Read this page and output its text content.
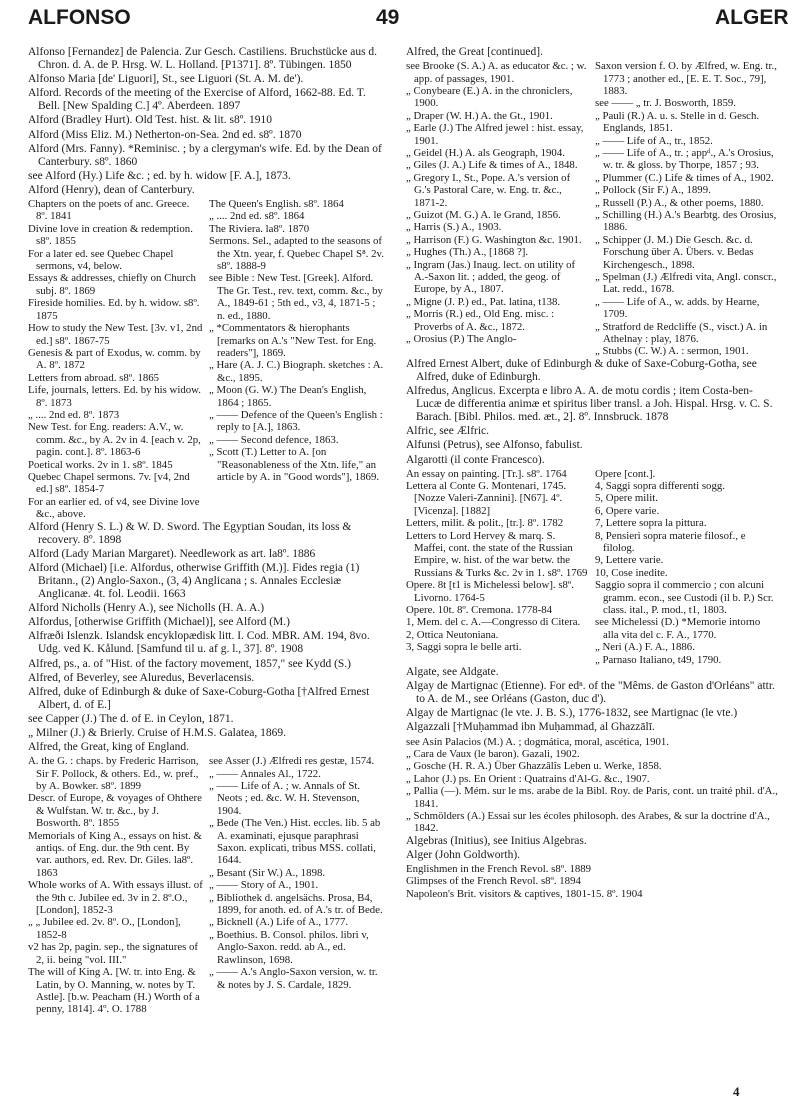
ALFONSO	49	ALGER

Alfonso [Fernandez] de Palencia. Zur Gesch. Castiliens. Bruchstücke aus d. Chron. d. A. de P. Hrsg. W. L. Holland. [P1371]. 8º. Tübingen. 1850

Alfonso Maria [de' Liguori], St., see Liguori (St. A. M. de').

Alford. Records of the meeting of the Exercise of Alford, 1662-88. Ed. T. Bell. [New Spalding C.] 4º. Aberdeen. 1897

Alford (Bradley Hurt). Old Test. hist. & lit. s8º. 1910

Alford (Miss Eliz. M.) Netherton-on-Sea. 2nd ed. s8º. 1870

Alford (Mrs. Fanny). *Reminisc. ; by a clergyman's wife. Ed. by the Dean of Canterbury. s8º. 1860

see Alford (Hy.) Life &c. ; ed. by h. widow [F. A.], 1873.

Alford (Henry), dean of Canterbury.

Chapters on the poets of anc. Greece. 8º. 1841

Divine love in creation & redemption. s8º. 1855

For a later ed. see Quebec Chapel sermons, v4, below.

Essays & addresses, chiefly on Church subj. 8º. 1869

Fireside homilies. Ed. by h. widow. s8º. 1875

How to study the New Test. [3v. v1, 2nd ed.] s8º. 1867-75

Genesis & part of Exodus, w. comm. by A. 8º. 1872

Letters from abroad. s8º. 1865

Life, journals, letters. Ed. by his widow. 8º. 1873

„ .... 2nd ed. 8º. 1873

New Test. for Eng. readers: A.V., w. comm. &c., by A. 2v in 4. [each v. 2p, pagin. cont.]. 8º. 1863-6

Poetical works. 2v in 1. s8º. 1845

Quebec Chapel sermons. 7v. [v4, 2nd ed.] s8º. 1854-7

For an earlier ed. of v4, see Divine love &c., above.

The Queen's English. s8º. 1864

„ .... 2nd ed. s8º. 1864

The Riviera. la8º. 1870

Sermons. Sel., adapted to the seasons of the Xtn. year, f. Quebec Chapel S⁸. 2v. s8º. 1888-9

see Bible : New Test. [Greek]. Alford. The Gr. Test., rev. text, comm. &c., by A., 1849-61 ; 5th ed., v3, 4, 1871-5 ; n. ed., 1880.

„ *Commentators & hierophants [remarks on A.'s "New Test. for Eng. readers"], 1869.

„ Hare (A. J. C.) Biograph. sketches : A. &c., 1895.

„ Moon (G. W.) The Dean's English, 1864 ; 1865.

„ —— Defence of the Queen's English : reply to [A.], 1863.

„ —— Second defence, 1863.

„ Scott (T.) Letter to A. [on "Reasonableness of the Xtn. life," an article by A. in "Good words"], 1869.

Alford (Henry S. L.) & W. D. Sword. The Egyptian Soudan, its loss & recovery. 8º. 1898

Alford (Lady Marian Margaret). Needlework as art. la8º. 1886

Alford (Michael) [i.e. Alfordus, otherwise Griffith (M.)]. Fides regia (1) Britann., (2) Anglo-Saxon., (3, 4) Anglicana ; s. Annales Ecclesiæ Anglicanæ. 4t. fol. Leodii. 1663

Alford Nicholls (Henry A.), see Nicholls (H. A. A.)

Alfordus, [otherwise Griffith (Michael)], see Alford (M.)

Alfræði Islenzk. Islandsk encyklopædisk litt. I. Cod. MBR. AM. 194, 8vo. Udg. ved K. Kålund. [Samfund til u. af g. l., 37]. 8º. 1908

Alfred, ps., a. of "Hist. of the factory movement, 1857," see Kydd (S.)

Alfred, of Beverley, see Aluredus, Beverlacensis.

Alfred, duke of Edinburgh & duke of Saxe-Coburg-Gotha [†Alfred Ernest Albert, d. of E.]

see Capper (J.) The d. of E. in Ceylon, 1871.

„ Milner (J.) & Brierly. Cruise of H.M.S. Galatea, 1869.

Alfred, the Great, king of England.

A. the G. : chaps. by Frederic Harrison, Sir F. Pollock, & others. Ed., w. pref., by A. Bowker. s8º. 1899

Descr. of Europe, & voyages of Ohthere & Wulfstan. W. tr. &c., by J. Bosworth. 8º. 1855

Memorials of King A., essays on hist. & antiqs. of Eng. dur. the 9th cent. By var. authors, ed. Rev. Dr. Giles. la8º. 1863

Whole works of A. With essays illust. of the 9th c. Jubilee ed. 3v in 2. 8º.O., [London], 1852-3

„ „ Jubilee ed. 2v. 8º. O., [London], 1852-8

v2 has 2p, pagin. sep., the signatures of 2, ii. being "vol. III."

The will of King A. [W. tr. into Eng. & Latin, by O. Manning, w. notes by T. Astle]. [b.w. Peacham (H.) Worth of a penny, 1814]. 4º. O. 1788

see Asser (J.) Ælfredi res gestæ, 1574.

„ —— Annales Al., 1722.

„ —— Life of A. ; w. Annals of St. Neots ; ed. &c. W. H. Stevenson, 1904.

„ Bede (The Ven.) Hist. eccles. lib. 5 ab A. examinati, ejusque paraphrasi Saxon. explicati, tribus MSS. collati, 1644.

„ Besant (Sir W.) A., 1898.

„ —— Story of A., 1901.

„ Bibliothek d. angelsächs. Prosa, B4, 1899, for anoth. ed. of A.'s tr. of Bede.

„ Bicknell (A.) Life of A., 1777.

„ Boethius. B. Consol. philos. libri v, Anglo-Saxon. redd. ab A., ed. Rawlinson, 1698.

„ —— A.'s Anglo-Saxon version, w. tr. & notes by J. S. Cardale, 1829.

Alfred, the Great [continued].

see Brooke (S. A.) A. as educator &c. ; w. app. of passages, 1901.

„ Conybeare (E.) A. in the chroniclers, 1900.

„ Draper (W. H.) A. the Gt., 1901.

„ Earle (J.) The Alfred jewel : hist. essay, 1901.

„ Geidel (H.) A. als Geograph, 1904.

„ Giles (J. A.) Life & times of A., 1848.

„ Gregory I., St., Pope. A.'s version of G.'s Pastoral Care, w. Eng. tr. &c., 1871-2.

„ Guizot (M. G.) A. le Grand, 1856.

„ Harris (S.) A., 1903.

„ Harrison (F.) G. Washington &c. 1901.

„ Hughes (Th.) A., [1868 ?].

„ Ingram (Jas.) Inaug. lect. on utility of A.-Saxon lit. ; added, the geog. of Europe, by A., 1807.

„ Migne (J. P.) ed., Pat. latina, t138.

„ Morris (R.) ed., Old Eng. misc. : Proverbs of A. &c., 1872.

„ Orosius (P.) The Anglo-

Saxon version f. O. by Ælfred, w. Eng. tr., 1773 ; another ed., [E. E. T. Soc., 79], 1883.

see —— „ tr. J. Bosworth, 1859.

„ Pauli (R.) A. u. s. Stelle in d. Gesch. Englands, 1851.

„ —— Life of A., tr., 1852.

„ —— Life of A., tr. ; appᵈ., A.'s Orosius, w. tr. & gloss. by Thorpe, 1857 ; 93.

„ Plummer (C.) Life & times of A., 1902.

„ Pollock (Sir F.) A., 1899.

„ Russell (P.) A., & other poems, 1880.

„ Schilling (H.) A.'s Bearbtg. des Orosius, 1886.

„ Schipper (J. M.) Die Gesch. &c. d. Forschung über A. Übers. v. Bedas Kirchengesch., 1898.

„ Spelman (J.) Ælfredi vita, Angl. conscr., Lat. redd., 1678.

„ —— Life of A., w. adds. by Hearne, 1709.

„ Stratford de Redcliffe (S., visct.) A. in Athelnay : play, 1876.

„ Stubbs (C. W.) A. : sermon, 1901.

Alfred Ernest Albert, duke of Edinburgh & duke of Saxe-Coburg-Gotha, see Alfred, duke of Edinburgh.

Alfredus, Anglicus. Excerpta e libro A. A. de motu cordis ; item Costa-ben-Lucæ de differentia animæ et spiritus liber transl. a Joh. Hispal. Hrsg. v. C. S. Barach. [Bibl. Philos. med. æt., 2]. 8º. Innsbruck. 1878

Alfric, see Ælfric.

Alfunsi (Petrus), see Alfonso, fabulist.

Algarotti (il conte Francesco).

An essay on painting. [Tr.]. s8º. 1764

Lettera al Conte G. Montenari, 1745. [Nozze Valeri-Zannini]. [N67]. 4º. [Vicenza]. [1882]

Letters, milit. & polit., [tr.]. 8º. 1782

Letters to Lord Hervey & marq. S. Maffei, cont. the state of the Russian Empire, w. hist. of the war betw. the Russians & Turks &c. 2v in 1. s8º. 1769

Opere. 8t [t1 is Michelessi below]. s8º. Livorno. 1764-5

Opere. 10t. 8º. Cremona. 1778-84

1, Mem. del c. A.—Congresso di Citera.

2, Ottica Neutoniana.

3, Saggi sopra le belle arti.

Opere [cont.].

4, Saggi sopra differenti sogg.

5, Opere milit.

6, Opere varie.

7, Lettere sopra la pittura.

8, Pensieri sopra materie filosof., e filolog.

9, Lettere varie.

10, Cose inedite.

Saggio sopra il commercio ; con alcuni gramm. econ., see Custodi (il b. P.) Scr. class. ital., P. mod., t1, 1803.

see Michelessi (D.) *Memorie intorno alla vita del c. F. A., 1770.

„ Neri (A.) F. A., 1886.

„ Parnaso Italiano, t49, 1790.

Algate, see Aldgate.

Algay de Martignac (Etienne). For edⁿ. of the "Mêms. de Gaston d'Orléans" attr. to A. de M., see Orléans (Gaston, duc d').

Algay de Martignac (le vte. J. B. S.), 1776-1832, see Martignac (le vte.)

Algazzali [†Muḥammad ibn Muḥammad, al Ghazzālī.

see Asín Palacios (M.) A. ; dogmática, moral, ascética, 1901.

„ Cara de Vaux (le baron). Gazali, 1902.

„ Gosche (H. R. A.) Über Ghazzâlîs Leben u. Werke, 1858.

„ Lahor (J.) ps. En Orient : Quatrains d'Al-G. &c., 1907.

„ Pallia (—). Mém. sur le ms. arabe de la Bibl. Roy. de Paris, cont. un traité phil. d'A., 1841.

„ Schmölders (A.) Essai sur les écoles philosoph. des Arabes, & sur la doctrine d'A., 1842.

Algebras (Initius), see Initius Algebras.

Alger (John Goldworth).

Englishmen in the French Revol. s8º. 1889

Glimpses of the French Revol. s8º. 1894

Napoleon's Brit. visitors & captives, 1801-15. 8º. 1904

4
